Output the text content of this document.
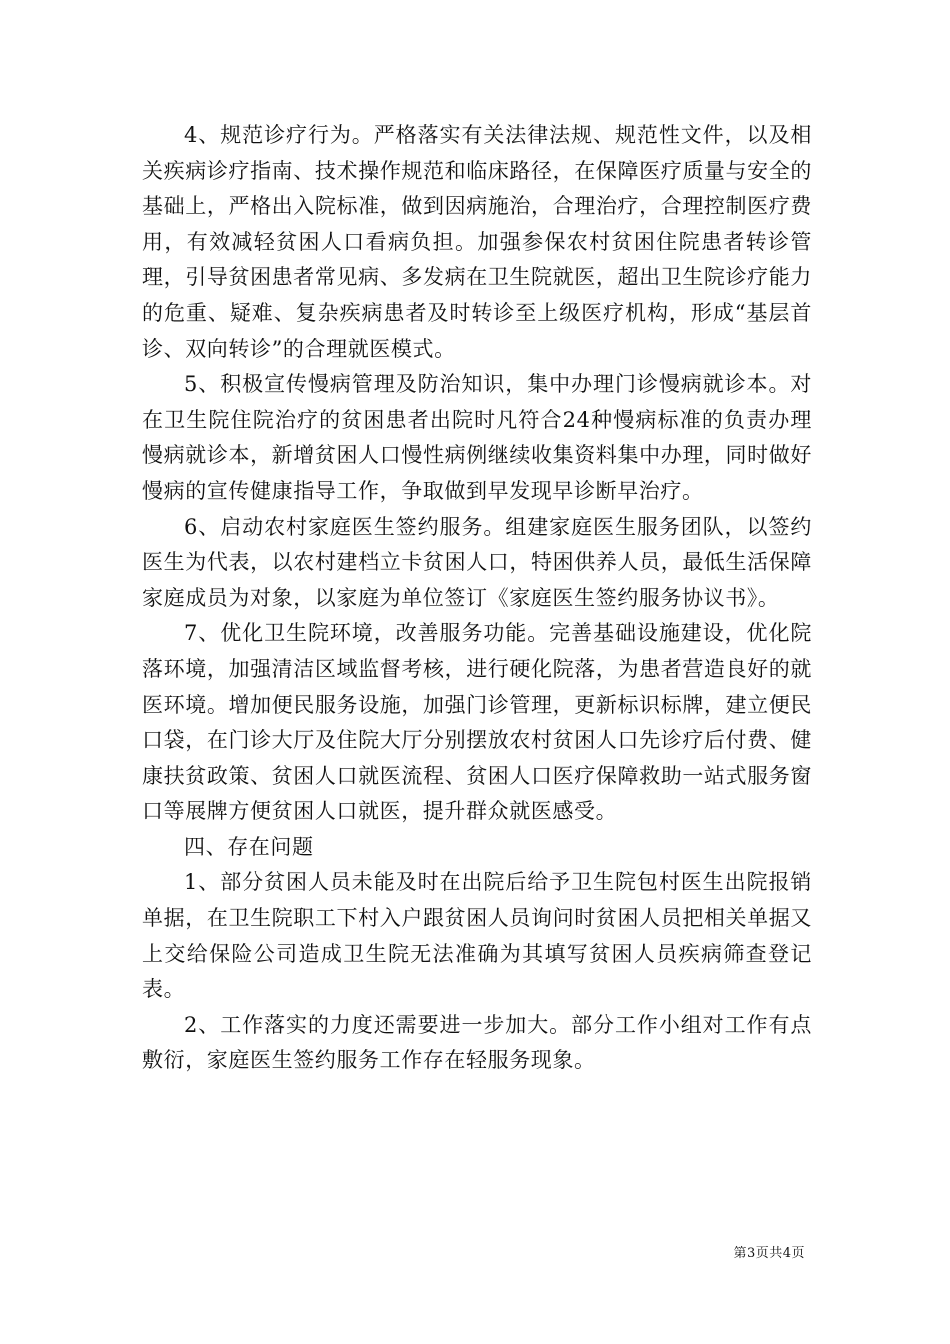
4、规范诊疗行为。严格落实有关法律法规、规范性文件，以及相关疾病诊疗指南、技术操作规范和临床路径，在保障医疗质量与安全的基础上，严格出入院标准，做到因病施治，合理治疗，合理控制医疗费用，有效减轻贫困人口看病负担。加强参保农村贫困住院患者转诊管理，引导贫困患者常见病、多发病在卫生院就医，超出卫生院诊疗能力的危重、疑难、复杂疾病患者及时转诊至上级医疗机构，形成“基层首诊、双向转诊”的合理就医模式。

5、积极宣传慢病管理及防治知识，集中办理门诊慢病就诊本。对在卫生院住院治疗的贫困患者出院时凡符合24种慢病标准的负责办理慢病就诊本，新增贫困人口慢性病例继续收集资料集中办理，同时做好慢病的宣传健康指导工作，争取做到早发现早诊断早治疗。

6、启动农村家庭医生签约服务。组建家庭医生服务团队，以签约医生为代表，以农村建档立卡贫困人口，特困供养人员，最低生活保障家庭成员为对象，以家庭为单位签订《家庭医生签约服务协议书》。

7、优化卫生院环境，改善服务功能。完善基础设施建设，优化院落环境，加强清洁区域监督考核，进行硬化院落，为患者营造良好的就医环境。增加便民服务设施，加强门诊管理，更新标识标牌，建立便民口袋，在门诊大厅及住院大厅分别摆放农村贫困人口先诊疗后付费、健康扶贫政策、贫困人口就医流程、贫困人口医疗保障救助一站式服务窗口等展牌方便贫困人口就医，提升群众就医感受。

四、存在问题

1、部分贫困人员未能及时在出院后给予卫生院包村医生出院报销单据，在卫生院职工下村入户跟贫困人员询问时贫困人员把相关单据又上交给保险公司造成卫生院无法准确为其填写贫困人员疾病筛查登记表。

2、工作落实的力度还需要进一步加大。部分工作小组对工作有点敷衍，家庭医生签约服务工作存在轻服务现象。

第3页共4页
